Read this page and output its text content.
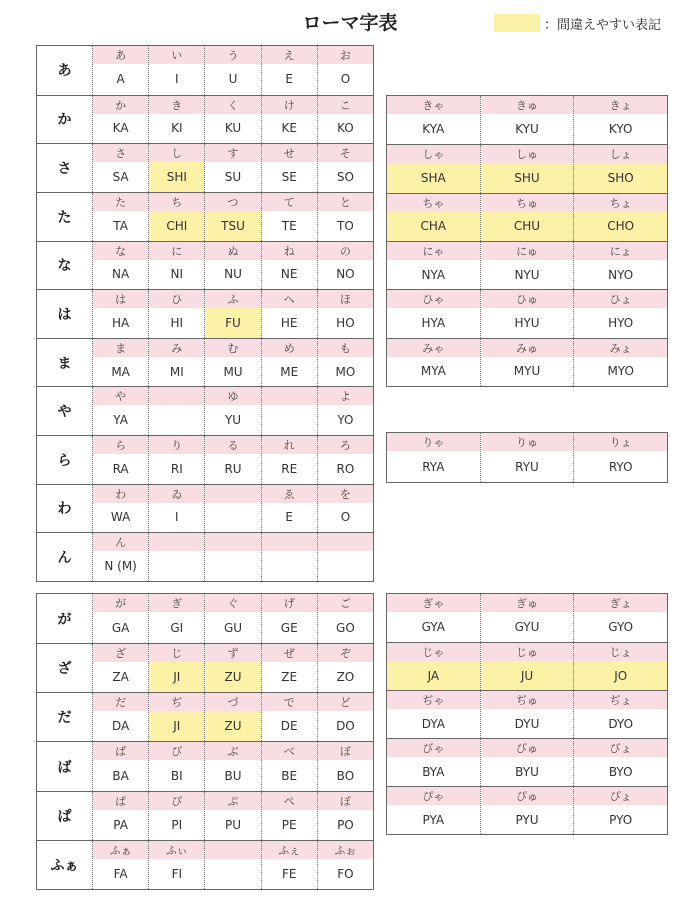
ローマ字表	：間違えやすい表記
あ
あ
A
い
I
う
U
え
E
お
O
か
か
KA
き
KI
く
KU
け
KE
こ
KO
さ
さ
SA
し
SHI
す
SU
せ
SE
そ
SO
た
た
TA
ち
CHI
つ
TSU
て
TE
と
TO
な
な
NA
に
NI
ぬ
NU
ね
NE
の
NO
は
は
HA
ひ
HI
ふ
FU
へ
HE
ほ
HO
ま
ま
MA
み
MI
む
MU
め
ME
も
MO
や
や
YA
ゆ
YU
よ
YO
ら
ら
RA
り
RI
る
RU
れ
RE
ろ
RO
わ
わ
WA
ゐ
I
ゑ
E
を
O
ん
ん
N (M)
きゃ
KYA
きゅ
KYU
きょ
KYO
しゃ
SHA
しゅ
SHU
しょ
SHO
ちゃ
CHA
ちゅ
CHU
ちょ
CHO
にゃ
NYA
にゅ
NYU
にょ
NYO
ひゃ
HYA
ひゅ
HYU
ひょ
HYO
みゃ
MYA
みゅ
MYU
みょ
MYO
りゃ
RYA
りゅ
RYU
りょ
RYO
が
が
GA
ぎ
GI
ぐ
GU
げ
GE
ご
GO
ざ
ざ
ZA
じ
JI
ず
ZU
ぜ
ZE
ぞ
ZO
だ
だ
DA
ぢ
JI
づ
ZU
で
DE
ど
DO
ば
ば
BA
び
BI
ぶ
BU
べ
BE
ぼ
BO
ぱ
ぱ
PA
ぴ
PI
ぷ
PU
ぺ
PE
ぽ
PO
ふぁ
ふぁ
FA
ふぃ
FI
ふぇ
FE
ふぉ
FO
ぎゃ
GYA
ぎゅ
GYU
ぎょ
GYO
じゃ
JA
じゅ
JU
じょ
JO
ぢゃ
DYA
ぢゅ
DYU
ぢょ
DYO
びゃ
BYA
びゅ
BYU
びょ
BYO
ぴゃ
PYA
ぴゅ
PYU
ぴょ
PYO
